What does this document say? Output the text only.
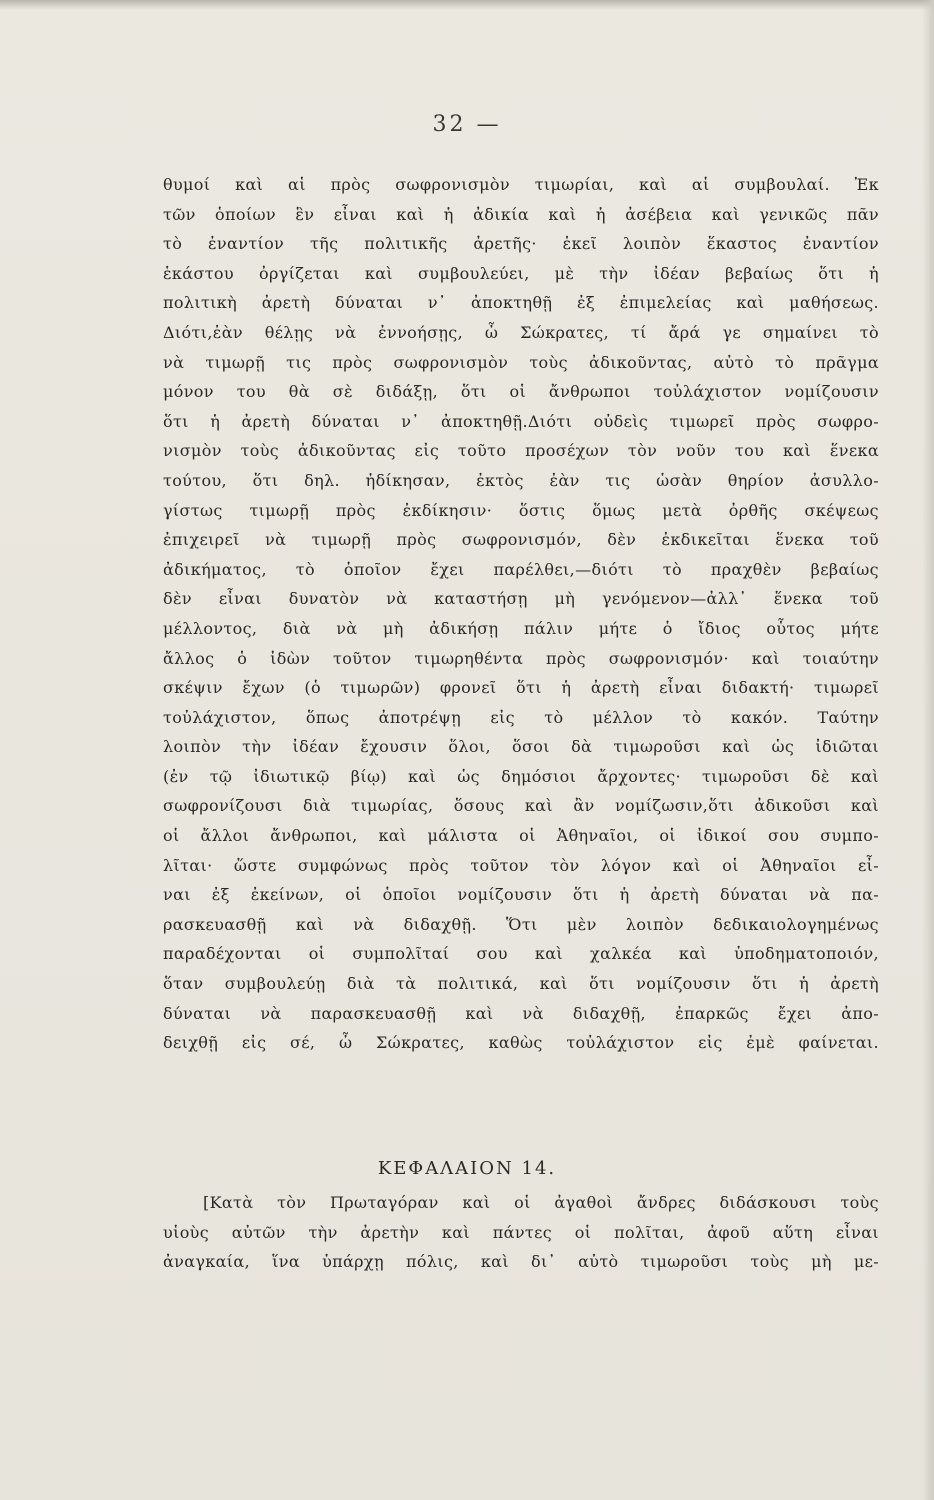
32 —
θυμοί καὶ αἱ πρὸς σωφρονισμὸν τιμωρίαι, καὶ αἱ συμβουλαί. Ἐκ
τῶν ὁποίων ἓν εἶναι καὶ ἡ ἀδικία καὶ ἡ ἀσέβεια καὶ γενικῶς πᾶν
τὸ ἐναντίον τῆς πολιτικῆς ἀρετῆς· ἐκεῖ λοιπὸν ἕκαστος ἐναντίον
ἑκάστου ὀργίζεται καὶ συμβουλεύει, μὲ τὴν ἰδέαν βεβαίως ὅτι ἡ
πολιτικὴ ἀρετὴ δύναται ν᾽ ἀποκτηθῇ ἐξ ἐπιμελείας καὶ μαθήσεως.
Διότι,ἐὰν θέλῃς νὰ ἐννοήσῃς, ὦ Σώκρατες, τί ἄρά γε σημαίνει τὸ
νὰ τιμωρῇ τις πρὸς σωφρονισμὸν τοὺς ἀδικοῦντας, αὐτὸ τὸ πρᾶγμα
μόνον του θὰ σὲ διδάξῃ, ὅτι οἱ ἄνθρωποι τοὐλάχιστον νομίζουσιν
ὅτι ἡ ἀρετὴ δύναται ν᾽ ἀποκτηθῇ.Διότι οὐδεὶς τιμωρεῖ πρὸς σωφρο-
νισμὸν τοὺς ἀδικοῦντας εἰς τοῦτο προσέχων τὸν νοῦν του καὶ ἕνεκα
τούτου, ὅτι δηλ. ἠδίκησαν, ἐκτὸς ἐὰν τις ὡσὰν θηρίον ἀσυλλο-
γίστως τιμωρῇ πρὸς ἐκδίκησιν· ὅστις ὅμως μετὰ ὀρθῆς σκέψεως
ἐπιχειρεῖ νὰ τιμωρῇ πρὸς σωφρονισμόν, δὲν ἐκδικεῖται ἕνεκα τοῦ
ἀδικήματος, τὸ ὁποῖον ἔχει παρέλθει,—διότι τὸ πραχθὲν βεβαίως
δὲν εἶναι δυνατὸν νὰ καταστήσῃ μὴ γενόμενον—ἀλλ᾽ ἕνεκα τοῦ
μέλλοντος, διὰ νὰ μὴ ἀδικήσῃ πάλιν μήτε ὁ ἴδιος οὗτος μήτε
ἄλλος ὁ ἰδὼν τοῦτον τιμωρηθέντα πρὸς σωφρονισμόν· καὶ τοιαύτην
σκέψιν ἔχων (ὁ τιμωρῶν) φρονεῖ ὅτι ἡ ἀρετὴ εἶναι διδακτή· τιμωρεῖ
τοὐλάχιστον, ὅπως ἀποτρέψῃ εἰς τὸ μέλλον τὸ κακόν. Ταύτην
λοιπὸν τὴν ἰδέαν ἔχουσιν ὅλοι, ὅσοι δὰ τιμωροῦσι καὶ ὡς ἰδιῶται
(ἐν τῷ ἰδιωτικῷ βίῳ) καὶ ὡς δημόσιοι ἄρχοντες· τιμωροῦσι δὲ καὶ
σωφρονίζουσι διὰ τιμωρίας, ὅσους καὶ ἂν νομίζωσιν,ὅτι ἀδικοῦσι καὶ
οἱ ἄλλοι ἄνθρωποι, καὶ μάλιστα οἱ Ἀθηναῖοι, οἱ ἰδικοί σου συμπο-
λῖται· ὥστε συμφώνως πρὸς τοῦτον τὸν λόγον καὶ οἱ Ἀθηναῖοι εἶ-
ναι ἐξ ἐκείνων, οἱ ὁποῖοι νομίζουσιν ὅτι ἡ ἀρετὴ δύναται νὰ πα-
ρασκευασθῇ καὶ νὰ διδαχθῇ. Ὅτι μὲν λοιπὸν δεδικαιολογημένως
παραδέχονται οἱ συμπολῖταί σου καὶ χαλκέα καὶ ὑποδηματοποιόν,
ὅταν συμβουλεύῃ διὰ τὰ πολιτικά, καὶ ὅτι νομίζουσιν ὅτι ἡ ἀρετὴ
δύναται νὰ παρασκευασθῇ καὶ νὰ διδαχθῇ, ἐπαρκῶς ἔχει ἀπο-
δειχθῇ εἰς σέ, ὦ Σώκρατες, καθὼς τοὐλάχιστον εἰς ἐμὲ φαίνεται.
ΚΕΦΑΛΑΙΟΝ 14.
[Κατὰ τὸν Πρωταγόραν καὶ οἱ ἀγαθοὶ ἄνδρες διδάσκουσι τοὺς
υἱοὺς αὐτῶν τὴν ἀρετὴν καὶ πάντες οἱ πολῖται, ἀφοῦ αὕτη εἶναι
ἀναγκαία, ἵνα ὑπάρχῃ πόλις, καὶ δι᾽ αὐτὸ τιμωροῦσι τοὺς μὴ με-
